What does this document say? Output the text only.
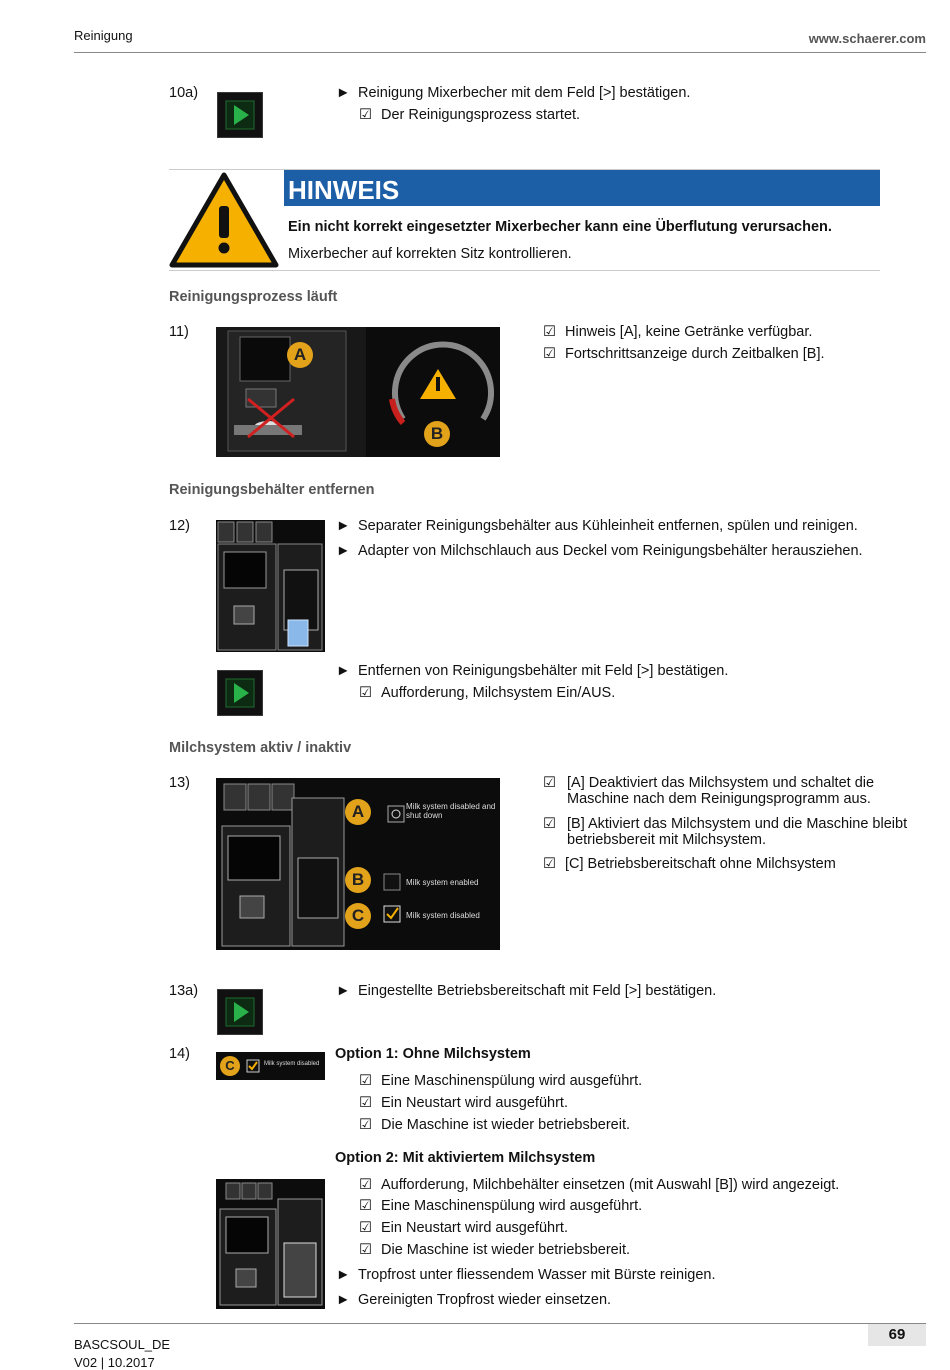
Reinigung	www.schaerer.com
10a)	► Reinigung Mixerbecher mit dem Feld [>] bestätigen.
☑ Der Reinigungsprozess startet.
HINWEIS
Ein nicht korrekt eingesetzter Mixerbecher kann eine Überflutung verursachen.
Mixerbecher auf korrekten Sitz kontrollieren.
Reinigungsprozess läuft
11)
A
B
☑ Hinweis [A], keine Getränke verfügbar.
☑ Fortschrittsanzeige durch Zeitbalken [B].
Reinigungsbehälter entfernen
12)	► Separater Reinigungsbehälter aus Kühleinheit entfernen, spülen und reinigen.
► Adapter von Milchschlauch aus Deckel vom Reinigungsbehälter herausziehen.
► Entfernen von Reinigungsbehälter mit Feld [>] bestätigen.
☑ Aufforderung, Milchsystem Ein/AUS.
Milchsystem aktiv / inaktiv
13)
A
B
C
Milk system disabled and shut down
Milk system enabled
Milk system disabled
☑ [A] Deaktiviert das Milchsystem und schaltet die Maschine nach dem Reinigungsprogramm aus.
☑ [B] Aktiviert das Milchsystem und die Maschine bleibt betriebsbereit mit Milchsystem.
☑ [C] Betriebsbereitschaft ohne Milchsystem
13a)	► Eingestellte Betriebsbereitschaft mit Feld [>] bestätigen.
14)
C	Milk system disabled
Option 1: Ohne Milchsystem
☑ Eine Maschinenspülung wird ausgeführt.
☑ Ein Neustart wird ausgeführt.
☑ Die Maschine ist wieder betriebsbereit.
Option 2: Mit aktiviertem Milchsystem
☑ Aufforderung, Milchbehälter einsetzen (mit Auswahl [B]) wird angezeigt.
☑ Eine Maschinenspülung wird ausgeführt.
☑ Ein Neustart wird ausgeführt.
☑ Die Maschine ist wieder betriebsbereit.
► Tropfrost unter fliessendem Wasser mit Bürste reinigen.
► Gereinigten Tropfrost wieder einsetzen.
BASCSOUL_DE
V02 | 10.2017
69
